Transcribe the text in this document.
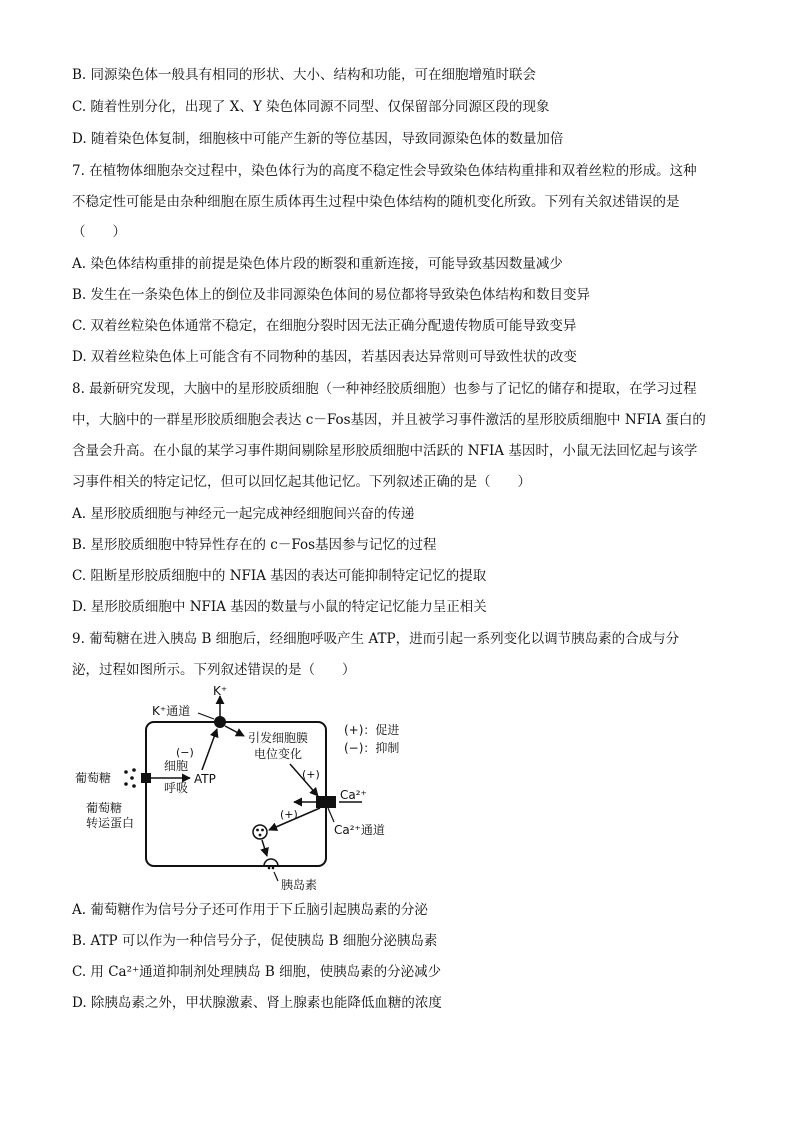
B. 同源染色体一般具有相同的形状、大小、结构和功能，可在细胞增殖时联会
C. 随着性别分化，出现了 X、Y 染色体同源不同型、仅保留部分同源区段的现象
D. 随着染色体复制，细胞核中可能产生新的等位基因，导致同源染色体的数量加倍
7. 在植物体细胞杂交过程中，染色体行为的高度不稳定性会导致染色体结构重排和双着丝粒的形成。这种
不稳定性可能是由杂种细胞在原生质体再生过程中染色体结构的随机变化所致。下列有关叙述错误的是
（　　）
A. 染色体结构重排的前提是染色体片段的断裂和重新连接，可能导致基因数量减少
B. 发生在一条染色体上的倒位及非同源染色体间的易位都将导致染色体结构和数目变异
C. 双着丝粒染色体通常不稳定，在细胞分裂时因无法正确分配遗传物质可能导致变异
D. 双着丝粒染色体上可能含有不同物种的基因，若基因表达异常则可导致性状的改变
8. 最新研究发现，大脑中的星形胶质细胞（一种神经胶质细胞）也参与了记忆的储存和提取，在学习过程
中，大脑中的一群星形胶质细胞会表达 c－Fos基因，并且被学习事件激活的星形胶质细胞中 NFIA 蛋白的
含量会升高。在小鼠的某学习事件期间剔除星形胶质细胞中活跃的 NFIA 基因时，小鼠无法回忆起与该学
习事件相关的特定记忆，但可以回忆起其他记忆。下列叙述正确的是（　　）
A. 星形胶质细胞与神经元一起完成神经细胞间兴奋的传递
B. 星形胶质细胞中特异性存在的 c－Fos基因参与记忆的过程
C. 阻断星形胶质细胞中的 NFIA 基因的表达可能抑制特定记忆的提取
D. 星形胶质细胞中 NFIA 基因的数量与小鼠的特定记忆能力呈正相关
9. 葡萄糖在进入胰岛 B 细胞后，经细胞呼吸产生 ATP，进而引起一系列变化以调节胰岛素的合成与分
泌，过程如图所示。下列叙述错误的是（　　）
K⁺
K⁺通道
葡萄糖
葡萄糖
转运蛋白
细胞
呼吸
ATP
(−)
引发细胞膜
电位变化
(+)
Ca²⁺
Ca²⁺通道
(+)
胰岛素
(+)：促进
(−)：抑制
A. 葡萄糖作为信号分子还可作用于下丘脑引起胰岛素的分泌
B. ATP 可以作为一种信号分子，促使胰岛 B 细胞分泌胰岛素
C. 用 Ca²⁺通道抑制剂处理胰岛 B 细胞，使胰岛素的分泌减少
D. 除胰岛素之外，甲状腺激素、肾上腺素也能降低血糖的浓度
